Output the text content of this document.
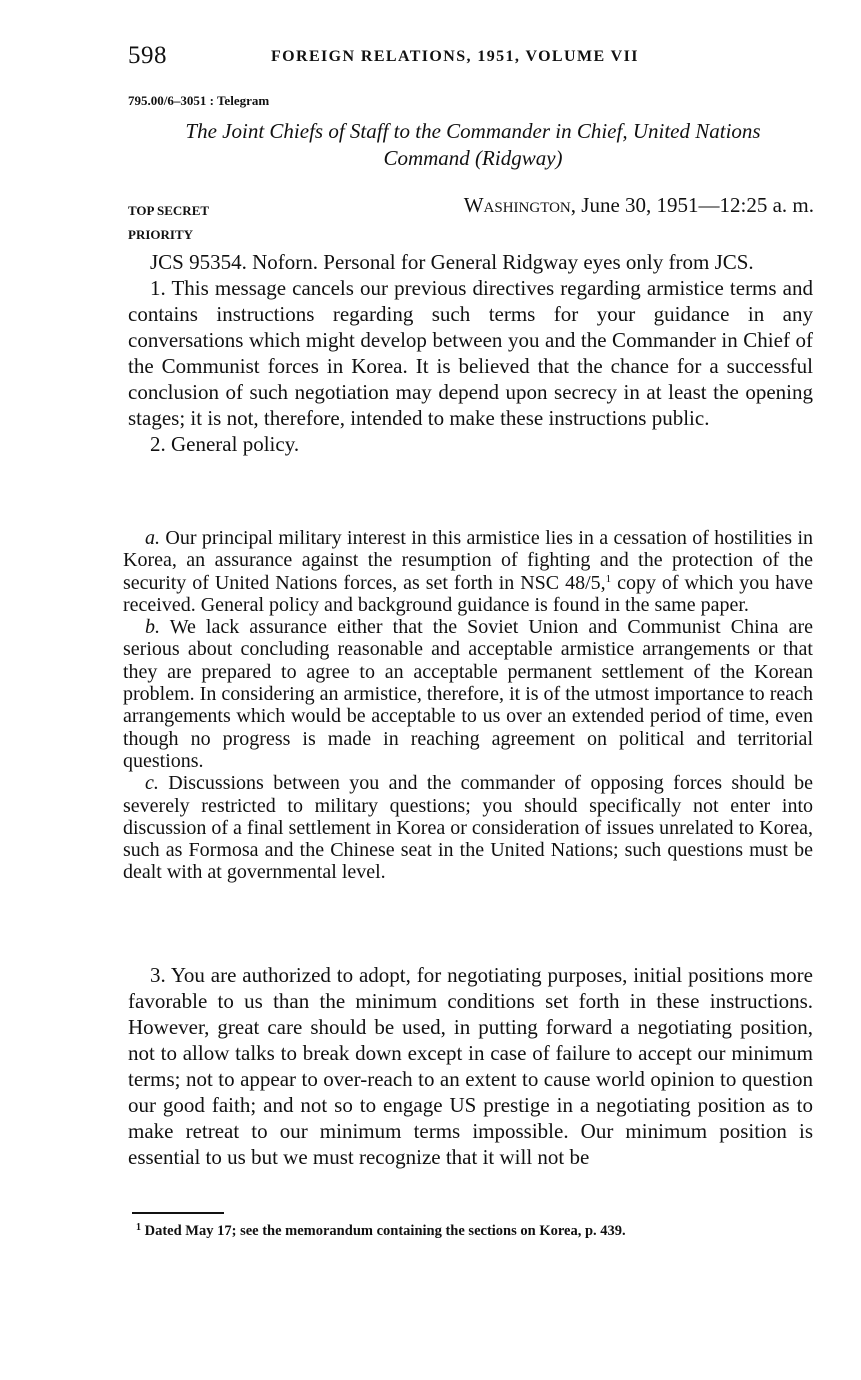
598	FOREIGN RELATIONS, 1951, VOLUME VII
795.00/6–3051 : Telegram
The Joint Chiefs of Staff to the Commander in Chief, United Nations
Command (Ridgway)
TOP SECRET
PRIORITY
Washington, June 30, 1951—12:25 a. m.

JCS 95354. Noforn. Personal for General Ridgway eyes only from JCS.

1. This message cancels our previous directives regarding armistice terms and contains instructions regarding such terms for your guidance in any conversations which might develop between you and the Commander in Chief of the Communist forces in Korea. It is believed that the chance for a successful conclusion of such negotiation may depend upon secrecy in at least the opening stages; it is not, therefore, intended to make these instructions public.

2. General policy.

a. Our principal military interest in this armistice lies in a cessation of hostilities in Korea, an assurance against the resumption of fighting and the protection of the security of United Nations forces, as set forth in NSC 48/5,$^1$ copy of which you have received. General policy and background guidance is found in the same paper.

b. We lack assurance either that the Soviet Union and Communist China are serious about concluding reasonable and acceptable armistice arrangements or that they are prepared to agree to an acceptable permanent settlement of the Korean problem. In considering an armistice, therefore, it is of the utmost importance to reach arrangements which would be acceptable to us over an extended period of time, even though no progress is made in reaching agreement on political and territorial questions.

c. Discussions between you and the commander of opposing forces should be severely restricted to military questions; you should specifically not enter into discussion of a final settlement in Korea or consideration of issues unrelated to Korea, such as Formosa and the Chinese seat in the United Nations; such questions must be dealt with at governmental level.

3. You are authorized to adopt, for negotiating purposes, initial positions more favorable to us than the minimum conditions set forth in these instructions. However, great care should be used, in putting forward a negotiating position, not to allow talks to break down except in case of failure to accept our minimum terms; not to appear to over-reach to an extent to cause world opinion to question our good faith; and not so to engage US prestige in a negotiating position as to make retreat to our minimum terms impossible. Our minimum position is essential to us but we must recognize that it will not be

$^1$ Dated May 17; see the memorandum containing the sections on Korea, p. 439.
